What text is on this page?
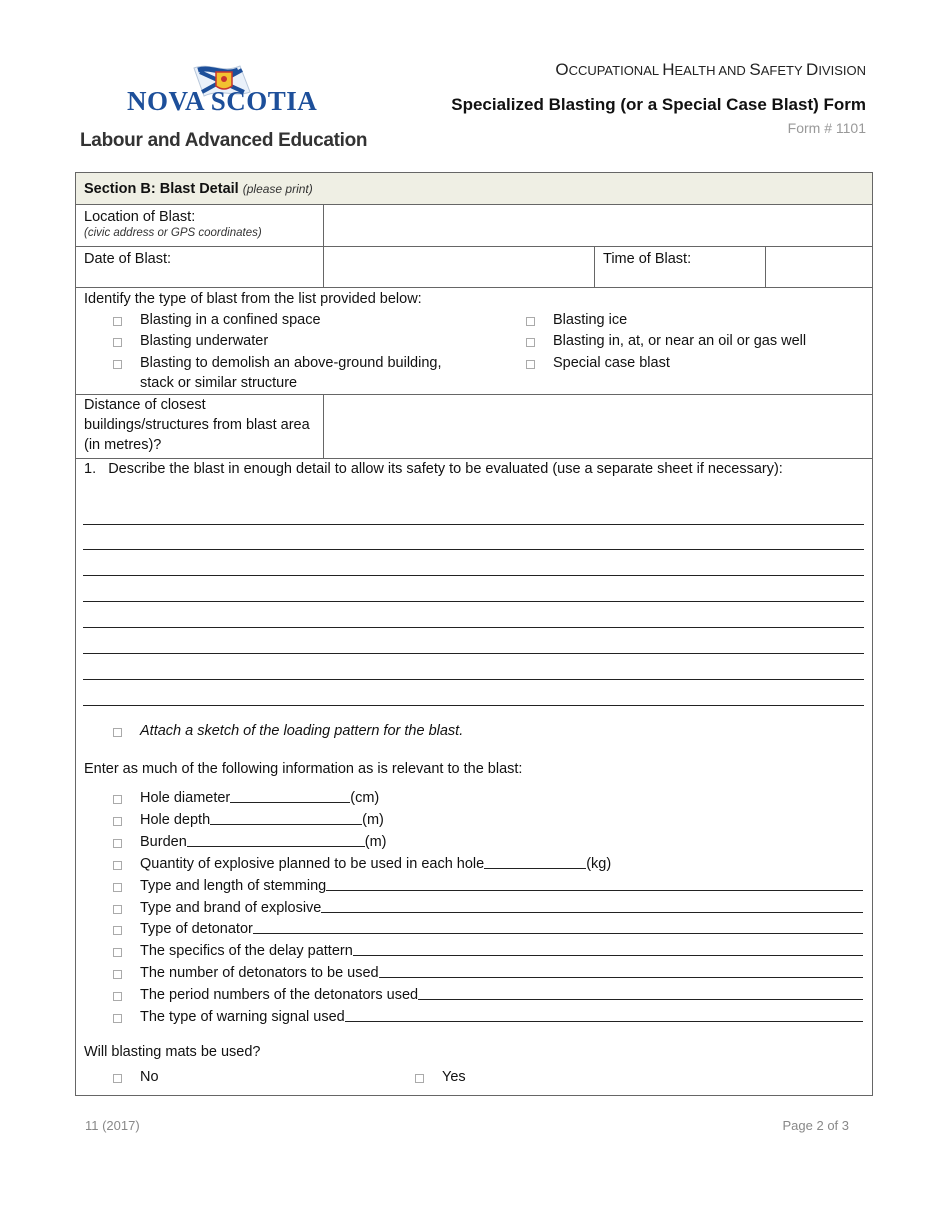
NOVA SCOTIA
Labour and Advanced Education
OCCUPATIONAL HEALTH AND SAFETY DIVISION
Specialized Blasting (or a Special Case Blast) Form
Form # 1101
Section B: Blast Detail (please print)
Location of Blast:
(civic address or GPS coordinates)
Date of Blast:	Time of Blast:
Identify the type of blast from the list provided below:
Blasting in a confined space
Blasting underwater
Blasting to demolish an above-ground building, stack or similar structure
Blasting ice
Blasting in, at, or near an oil or gas well
Special case blast
Distance of closest buildings/structures from blast area (in metres)?
1. Describe the blast in enough detail to allow its safety to be evaluated (use a separate sheet if necessary):
Attach a sketch of the loading pattern for the blast.
Enter as much of the following information as is relevant to the blast:
Hole diameter	(cm)
Hole depth	(m)
Burden	(m)
Quantity of explosive planned to be used in each hole	(kg)
Type and length of stemming
Type and brand of explosive
Type of detonator
The specifics of the delay pattern
The number of detonators to be used
The period numbers of the detonators used
The type of warning signal used
Will blasting mats be used?
No	Yes
11 (2017)	Page 2 of 3
